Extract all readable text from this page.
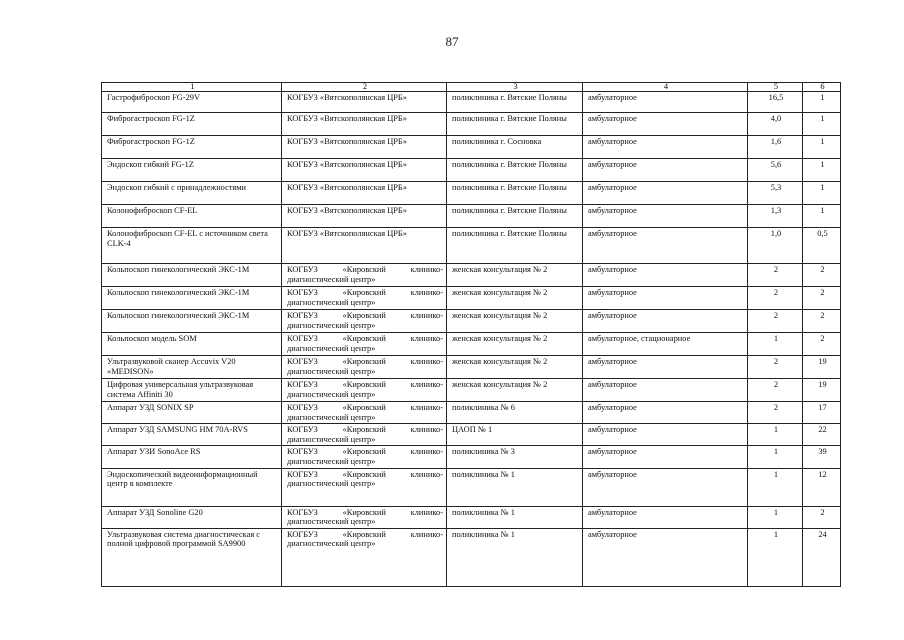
87
1	2	3	4	5	6
Гастрофиброскоп FG-29V	КОГБУЗ «Вятскополянская ЦРБ»	поликлиника г. Вятские Поляны	амбулаторное	16,5	1
Фиброгастроскоп FG-1Z	КОГБУЗ «Вятскополянская ЦРБ»	поликлиника г. Вятские Поляны	амбулаторное	4,0	1
Фиброгастроскоп FG-1Z	КОГБУЗ «Вятскополянская ЦРБ»	поликлиника г. Сосновка	амбулаторное	1,6	1
Эндоскоп гибкий FG-1Z	КОГБУЗ «Вятскополянская ЦРБ»	поликлиника г. Вятские Поляны	амбулаторное	5,6	1
Эндоскоп гибкий с принадлежностями	КОГБУЗ «Вятскополянская ЦРБ»	поликлиника г. Вятские Поляны	амбулаторное	5,3	1
Колонофиброскоп CF-EL	КОГБУЗ «Вятскополянская ЦРБ»	поликлиника г. Вятские Поляны	амбулаторное	1,3	1
Колонофиброскоп CF-EL с источником света CLK-4	КОГБУЗ «Вятскополянская ЦРБ»	поликлиника г. Вятские Поляны	амбулаторное	1,0	0,5
Кольпоскоп гинекологический ЭКС-1М	КОГБУЗ «Кировский клинико-диагностический центр»	женская консультация № 2	амбулаторное	2	2
Кольпоскоп гинекологический ЭКС-1М	КОГБУЗ «Кировский клинико-диагностический центр»	женская консультация № 2	амбулаторное	2	2
Кольпоскоп гинекологический ЭКС-1М	КОГБУЗ «Кировский клинико-диагностический центр»	женская консультация № 2	амбулаторное	2	2
Кольпоскоп модель SOM	КОГБУЗ «Кировский клинико-диагностический центр»	женская консультация № 2	амбулаторное, стационарное	1	2
Ультразвуковой сканер Accuvix V20 «MEDISON»	КОГБУЗ «Кировский клинико-диагностический центр»	женская консультация № 2	амбулаторное	2	19
Цифровая универсальная ультразвуковая система Affiniti 30	КОГБУЗ «Кировский клинико-диагностический центр»	женская консультация № 2	амбулаторное	2	19
Аппарат УЗД SONIX SP	КОГБУЗ «Кировский клинико-диагностический центр»	поликлиника № 6	амбулаторное	2	17
Аппарат УЗД SAMSUNG HM 70A-RVS	КОГБУЗ «Кировский клинико-диагностический центр»	ЦАОП № 1	амбулаторное	1	22
Аппарат УЗИ SonoAce RS	КОГБУЗ «Кировский клинико-диагностический центр»	поликлиника № 3	амбулаторное	1	39
Эндоскопический видеоинформационный центр в комплекте	КОГБУЗ «Кировский клинико-диагностический центр»	поликлиника № 1	амбулаторное	1	12
Аппарат УЗД Sonoline G20	КОГБУЗ «Кировский клинико-диагностический центр»	поликлиника № 1	амбулаторное	1	2
Ультразвуковая система диагностическая с полной цифровой программой SA9900	КОГБУЗ «Кировский клинико-диагностический центр»	поликлиника № 1	амбулаторное	1	24
